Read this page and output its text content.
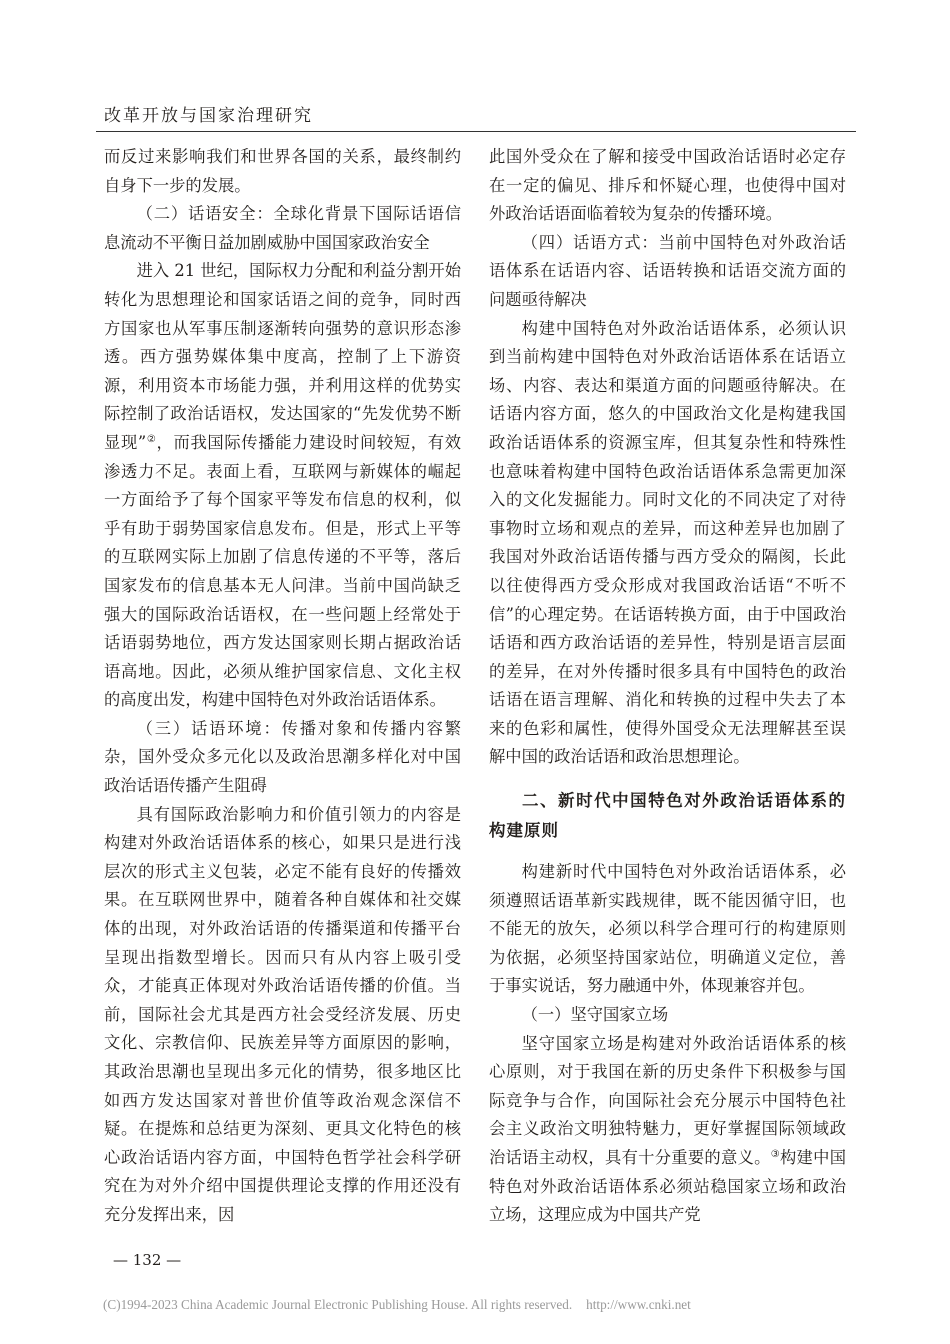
改革开放与国家治理研究

而反过来影响我们和世界各国的关系，最终制约自身下一步的发展。

（二）话语安全：全球化背景下国际话语信息流动不平衡日益加剧威胁中国国家政治安全

进入 21 世纪，国际权力分配和利益分割开始转化为思想理论和国家话语之间的竞争，同时西方国家也从军事压制逐渐转向强势的意识形态渗透。西方强势媒体集中度高，控制了上下游资源，利用资本市场能力强，并利用这样的优势实际控制了政治话语权，发达国家的“先发优势不断显现”②，而我国际传播能力建设时间较短，有效渗透力不足。表面上看，互联网与新媒体的崛起一方面给予了每个国家平等发布信息的权利，似乎有助于弱势国家信息发布。但是，形式上平等的互联网实际上加剧了信息传递的不平等，落后国家发布的信息基本无人问津。当前中国尚缺乏强大的国际政治话语权，在一些问题上经常处于话语弱势地位，西方发达国家则长期占据政治话语高地。因此，必须从维护国家信息、文化主权的高度出发，构建中国特色对外政治话语体系。

（三）话语环境：传播对象和传播内容繁杂，国外受众多元化以及政治思潮多样化对中国政治话语传播产生阻碍

具有国际政治影响力和价值引领力的内容是构建对外政治话语体系的核心，如果只是进行浅层次的形式主义包装，必定不能有良好的传播效果。在互联网世界中，随着各种自媒体和社交媒体的出现，对外政治话语的传播渠道和传播平台呈现出指数型增长。因而只有从内容上吸引受众，才能真正体现对外政治话语传播的价值。当前，国际社会尤其是西方社会受经济发展、历史文化、宗教信仰、民族差异等方面原因的影响，其政治思潮也呈现出多元化的情势，很多地区比如西方发达国家对普世价值等政治观念深信不疑。在提炼和总结更为深刻、更具文化特色的核心政治话语内容方面，中国特色哲学社会科学研究在为对外介绍中国提供理论支撑的作用还没有充分发挥出来，因

此国外受众在了解和接受中国政治话语时必定存在一定的偏见、排斥和怀疑心理，也使得中国对外政治话语面临着较为复杂的传播环境。

（四）话语方式：当前中国特色对外政治话语体系在话语内容、话语转换和话语交流方面的问题亟待解决

构建中国特色对外政治话语体系，必须认识到当前构建中国特色对外政治话语体系在话语立场、内容、表达和渠道方面的问题亟待解决。在话语内容方面，悠久的中国政治文化是构建我国政治话语体系的资源宝库，但其复杂性和特殊性也意味着构建中国特色政治话语体系急需更加深入的文化发掘能力。同时文化的不同决定了对待事物时立场和观点的差异，而这种差异也加剧了我国对外政治话语传播与西方受众的隔阂，长此以往使得西方受众形成对我国政治话语“不听不信”的心理定势。在话语转换方面，由于中国政治话语和西方政治话语的差异性，特别是语言层面的差异，在对外传播时很多具有中国特色的政治话语在语言理解、消化和转换的过程中失去了本来的色彩和属性，使得外国受众无法理解甚至误解中国的政治话语和政治思想理论。

二、新时代中国特色对外政治话语体系的构建原则

构建新时代中国特色对外政治话语体系，必须遵照话语革新实践规律，既不能因循守旧，也不能无的放矢，必须以科学合理可行的构建原则为依据，必须坚持国家站位，明确道义定位，善于事实说话，努力融通中外，体现兼容并包。

（一）坚守国家立场

坚守国家立场是构建对外政治话语体系的核心原则，对于我国在新的历史条件下积极参与国际竞争与合作，向国际社会充分展示中国特色社会主义政治文明独特魅力，更好掌握国际领域政治话语主动权，具有十分重要的意义。③构建中国特色对外政治话语体系必须站稳国家立场和政治立场，这理应成为中国共产党

— 132 —
(C)1994-2023 China Academic Journal Electronic Publishing House. All rights reserved. http://www.cnki.net
